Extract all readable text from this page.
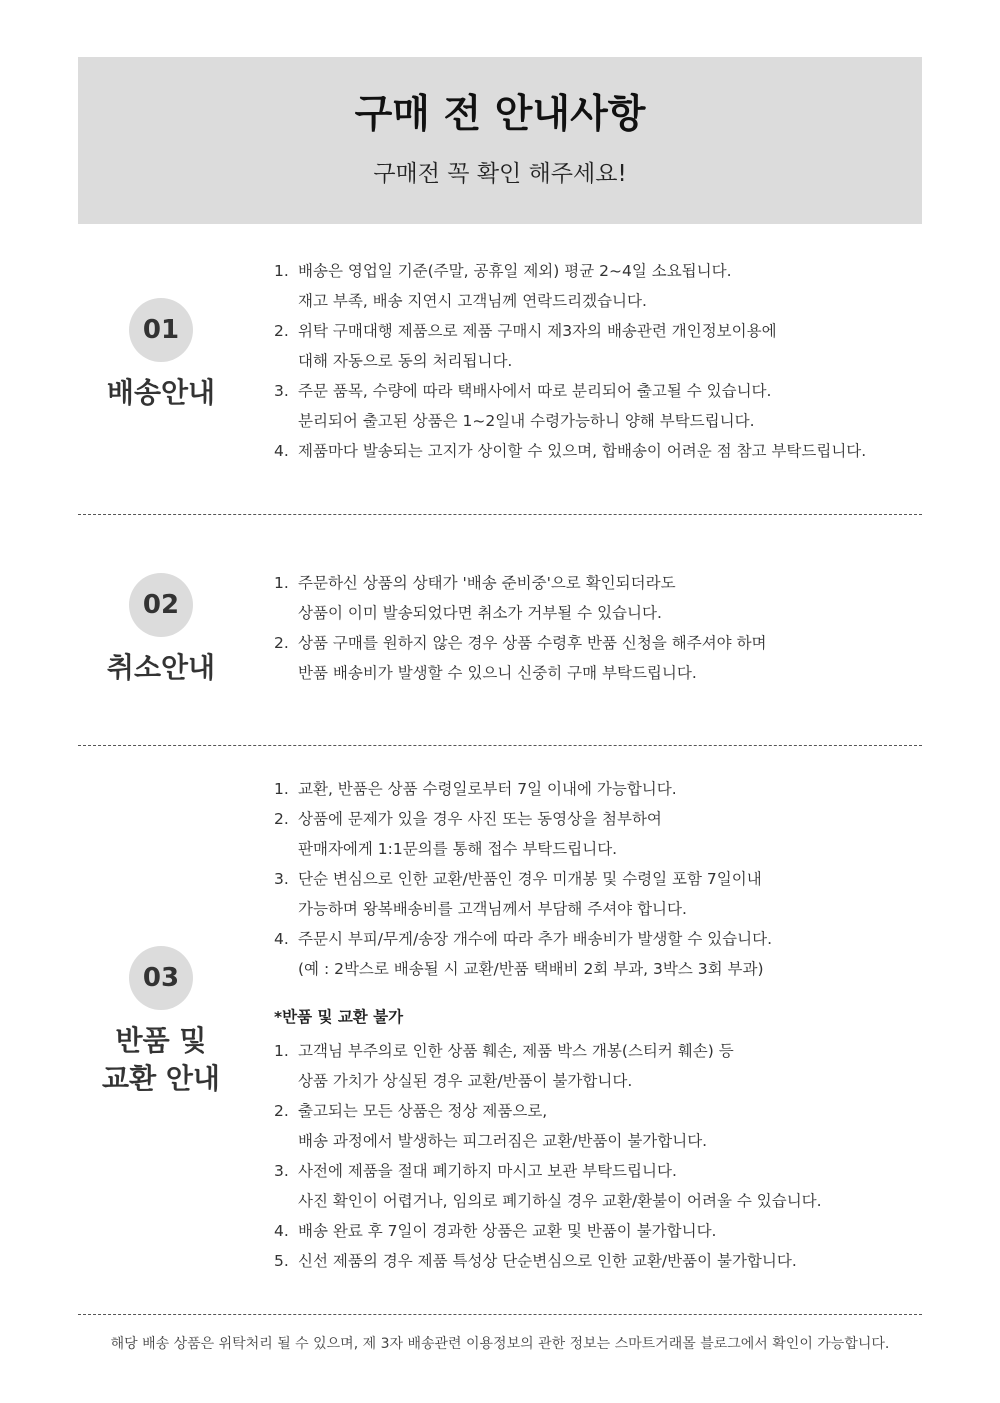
구매 전 안내사항
구매전 꼭 확인 해주세요!
01
배송안내
1. 배송은 영업일 기준(주말, 공휴일 제외) 평균 2~4일 소요됩니다.
재고 부족, 배송 지연시 고객님께 연락드리겠습니다.
2. 위탁 구매대행 제품으로 제품 구매시 제3자의 배송관련 개인정보이용에
대해 자동으로 동의 처리됩니다.
3. 주문 품목, 수량에 따라 택배사에서 따로 분리되어 출고될 수 있습니다.
분리되어 출고된 상품은 1~2일내 수령가능하니 양해 부탁드립니다.
4. 제품마다 발송되는 고지가 상이할 수 있으며, 합배송이 어려운 점 참고 부탁드립니다.
02
취소안내
1. 주문하신 상품의 상태가 '배송 준비중'으로 확인되더라도
상품이 이미 발송되었다면 취소가 거부될 수 있습니다.
2. 상품 구매를 원하지 않은 경우 상품 수령후 반품 신청을 해주셔야 하며
반품 배송비가 발생할 수 있으니 신중히 구매 부탁드립니다.
03
반품 및
교환 안내
1. 교환, 반품은 상품 수령일로부터 7일 이내에 가능합니다.
2. 상품에 문제가 있을 경우 사진 또는 동영상을 첨부하여
판매자에게 1:1문의를 통해 접수 부탁드립니다.
3. 단순 변심으로 인한 교환/반품인 경우 미개봉 및 수령일 포함 7일이내
가능하며 왕복배송비를 고객님께서 부담해 주셔야 합니다.
4. 주문시 부피/무게/송장 개수에 따라 추가 배송비가 발생할 수 있습니다.
(예 : 2박스로 배송될 시 교환/반품 택배비 2회 부과, 3박스 3회 부과)
*반품 및 교환 불가
1. 고객님 부주의로 인한 상품 훼손, 제품 박스 개봉(스티커 훼손) 등
상품 가치가 상실된 경우 교환/반품이 불가합니다.
2. 출고되는 모든 상품은 정상 제품으로,
배송 과정에서 발생하는 피그러짐은 교환/반품이 불가합니다.
3. 사전에 제품을 절대 폐기하지 마시고 보관 부탁드립니다.
사진 확인이 어렵거나, 임의로 폐기하실 경우 교환/환불이 어려울 수 있습니다.
4. 배송 완료 후 7일이 경과한 상품은 교환 및 반품이 불가합니다.
5. 신선 제품의 경우 제품 특성상 단순변심으로 인한 교환/반품이 불가합니다.
해당 배송 상품은 위탁처리 될 수 있으며, 제 3자 배송관련 이용정보의 관한 정보는 스마트거래몰 블로그에서 확인이 가능합니다.
